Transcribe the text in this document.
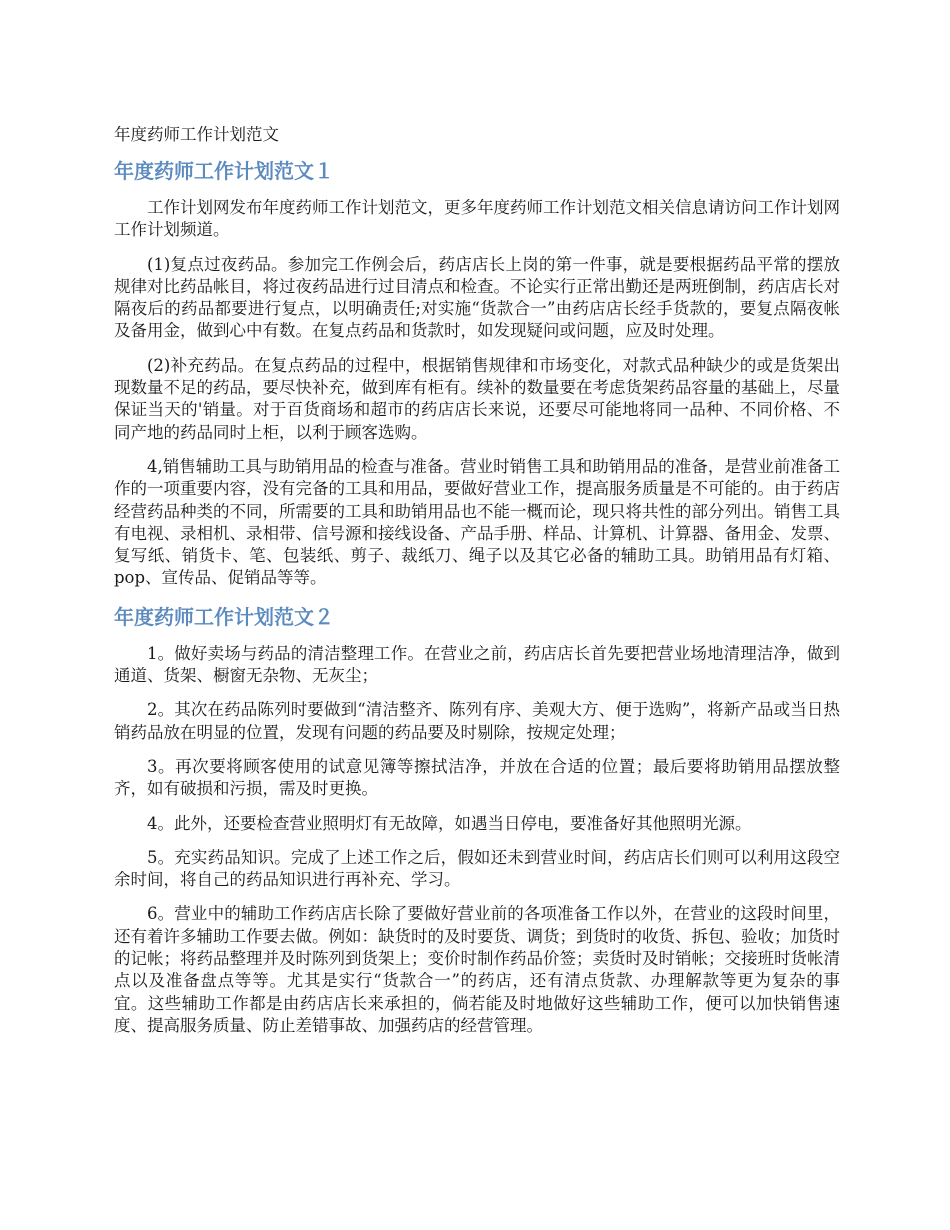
年度药师工作计划范文
年度药师工作计划范文１

工作计划网发布年度药师工作计划范文，更多年度药师工作计划范文相关信息请访问工作计划网工作计划频道。

(1)复点过夜药品。参加完工作例会后，药店店长上岗的第一件事，就是要根据药品平常的摆放规律对比药品帐目，将过夜药品进行过目清点和检查。不论实行正常出勤还是两班倒制，药店店长对隔夜后的药品都要进行复点，以明确责任;对实施“货款合一”由药店店长经手货款的，要复点隔夜帐及备用金，做到心中有数。在复点药品和货款时，如发现疑问或问题，应及时处理。

(2)补充药品。在复点药品的过程中，根据销售规律和市场变化，对款式品种缺少的或是货架出现数量不足的药品，要尽快补充，做到库有柜有。续补的数量要在考虑货架药品容量的基础上，尽量保证当天的'销量。对于百货商场和超市的药店店长来说，还要尽可能地将同一品种、不同价格、不同产地的药品同时上柜，以利于顾客选购。

4,销售辅助工具与助销用品的检查与准备。营业时销售工具和助销用品的准备，是营业前准备工作的一项重要内容，没有完备的工具和用品，要做好营业工作，提高服务质量是不可能的。由于药店经营药品种类的不同，所需要的工具和助销用品也不能一概而论，现只将共性的部分列出。销售工具有电视、录相机、录相带、信号源和接线设备、产品手册、样品、计算机、计算器、备用金、发票、复写纸、销货卡、笔、包装纸、剪子、裁纸刀、绳子以及其它必备的辅助工具。助销用品有灯箱、pop、宣传品、促销品等等。

年度药师工作计划范文２

1。做好卖场与药品的清洁整理工作。在营业之前，药店店长首先要把营业场地清理洁净，做到通道、货架、橱窗无杂物、无灰尘；

2。其次在药品陈列时要做到“清洁整齐、陈列有序、美观大方、便于选购”，将新产品或当日热销药品放在明显的位置，发现有问题的药品要及时剔除，按规定处理；

3。再次要将顾客使用的试意见簿等擦拭洁净，并放在合适的位置；最后要将助销用品摆放整齐，如有破损和污损，需及时更换。

4。此外，还要检查营业照明灯有无故障，如遇当日停电，要准备好其他照明光源。

5。充实药品知识。完成了上述工作之后，假如还未到营业时间，药店店长们则可以利用这段空余时间，将自己的药品知识进行再补充、学习。

6。营业中的辅助工作药店店长除了要做好营业前的各项准备工作以外，在营业的这段时间里，还有着许多辅助工作要去做。例如：缺货时的及时要货、调货；到货时的收货、拆包、验收；加货时的记帐；将药品整理并及时陈列到货架上；变价时制作药品价签；卖货时及时销帐；交接班时货帐清点以及准备盘点等等。尤其是实行“货款合一”的药店，还有清点货款、办理解款等更为复杂的事宜。这些辅助工作都是由药店店长来承担的，倘若能及时地做好这些辅助工作，便可以加快销售速度、提高服务质量、防止差错事故、加强药店的经营管理。
